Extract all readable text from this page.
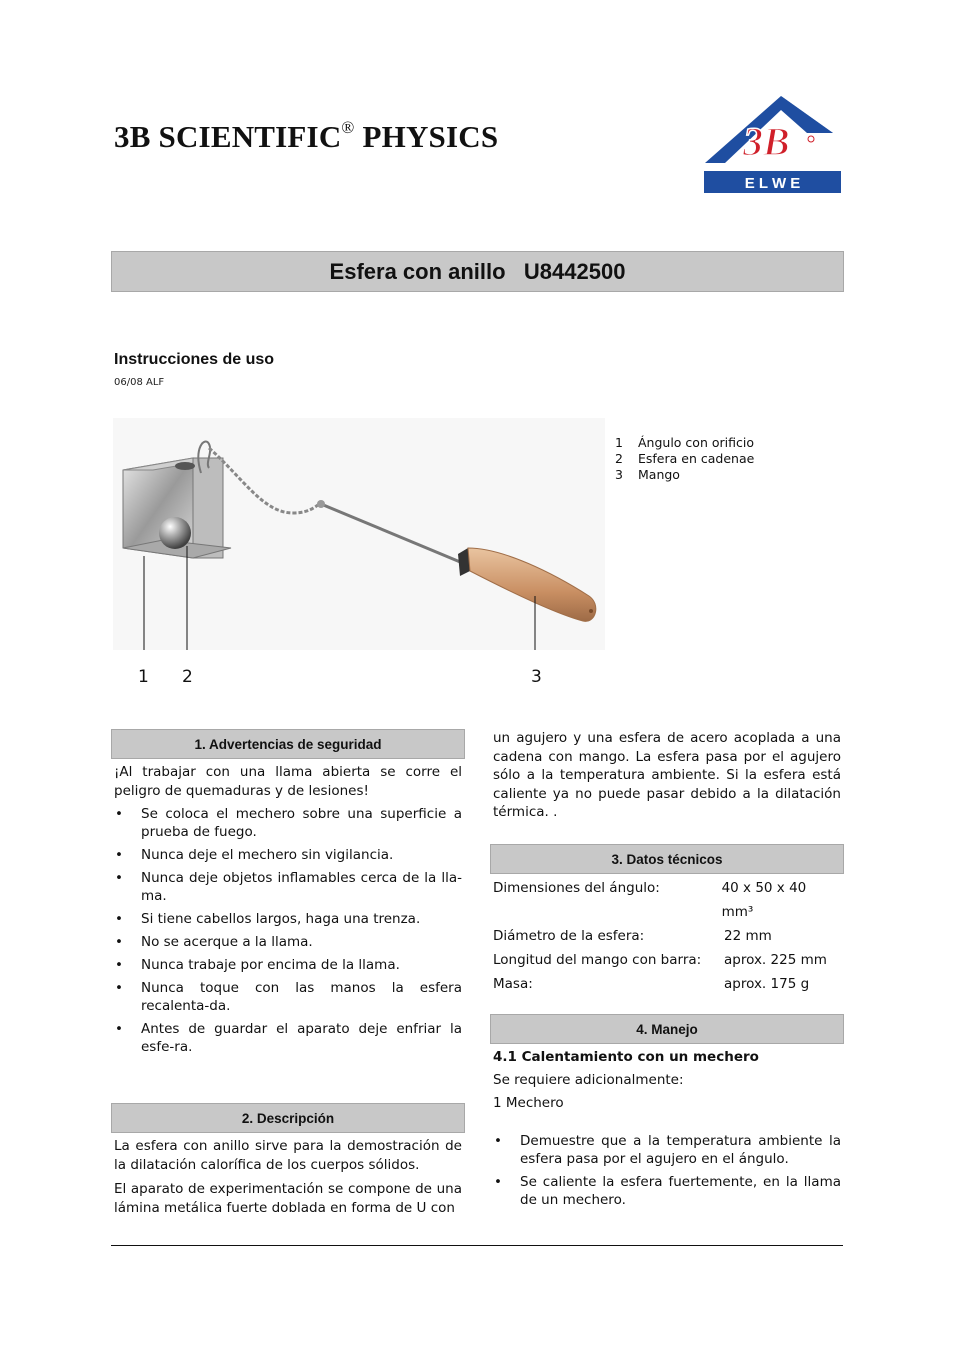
3B SCIENTIFIC® PHYSICS	3B
E L W E
Esfera con anillo   U8442500
Instrucciones de uso
06/08 ALF
1 2	3
1	Ángulo con orificio
2	Esfera en cadenae
3	Mango
1. Advertencias de seguridad
¡Al trabajar con una llama abierta se corre el peligro de quemaduras y de lesiones!
• Se coloca el mechero sobre una superficie a prueba de fuego.
• Nunca deje el mechero sin vigilancia.
• Nunca deje objetos inflamables cerca de la lla-ma.
• Si tiene cabellos largos, haga una trenza.
• No se acerque a la llama.
• Nunca trabaje por encima de la llama.
• Nunca toque con las manos la esfera recalenta-da.
• Antes de guardar el aparato deje enfriar la esfe-ra.
2. Descripción
La esfera con anillo sirve para la demostración de la dilatación calorífica de los cuerpos sólidos.
El aparato de experimentación se compone de una lámina metálica fuerte doblada en forma de U con
un agujero y una esfera de acero acoplada a una cadena con mango. La esfera pasa por el agujero sólo a la temperatura ambiente. Si la esfera está caliente ya no puede pasar debido a la dilatación térmica. .
3. Datos técnicos
Dimensiones del ángulo:	40 x 50 x 40 mm³
Diámetro de la esfera:	22 mm
Longitud del mango con barra:	aprox. 225 mm
Masa:	aprox. 175 g
4. Manejo
4.1 Calentamiento con un mechero
Se requiere adicionalmente:
1 Mechero
• Demuestre que a la temperatura ambiente la esfera pasa por el agujero en el ángulo.
• Se caliente la esfera fuertemente, en la llama de un mechero.
